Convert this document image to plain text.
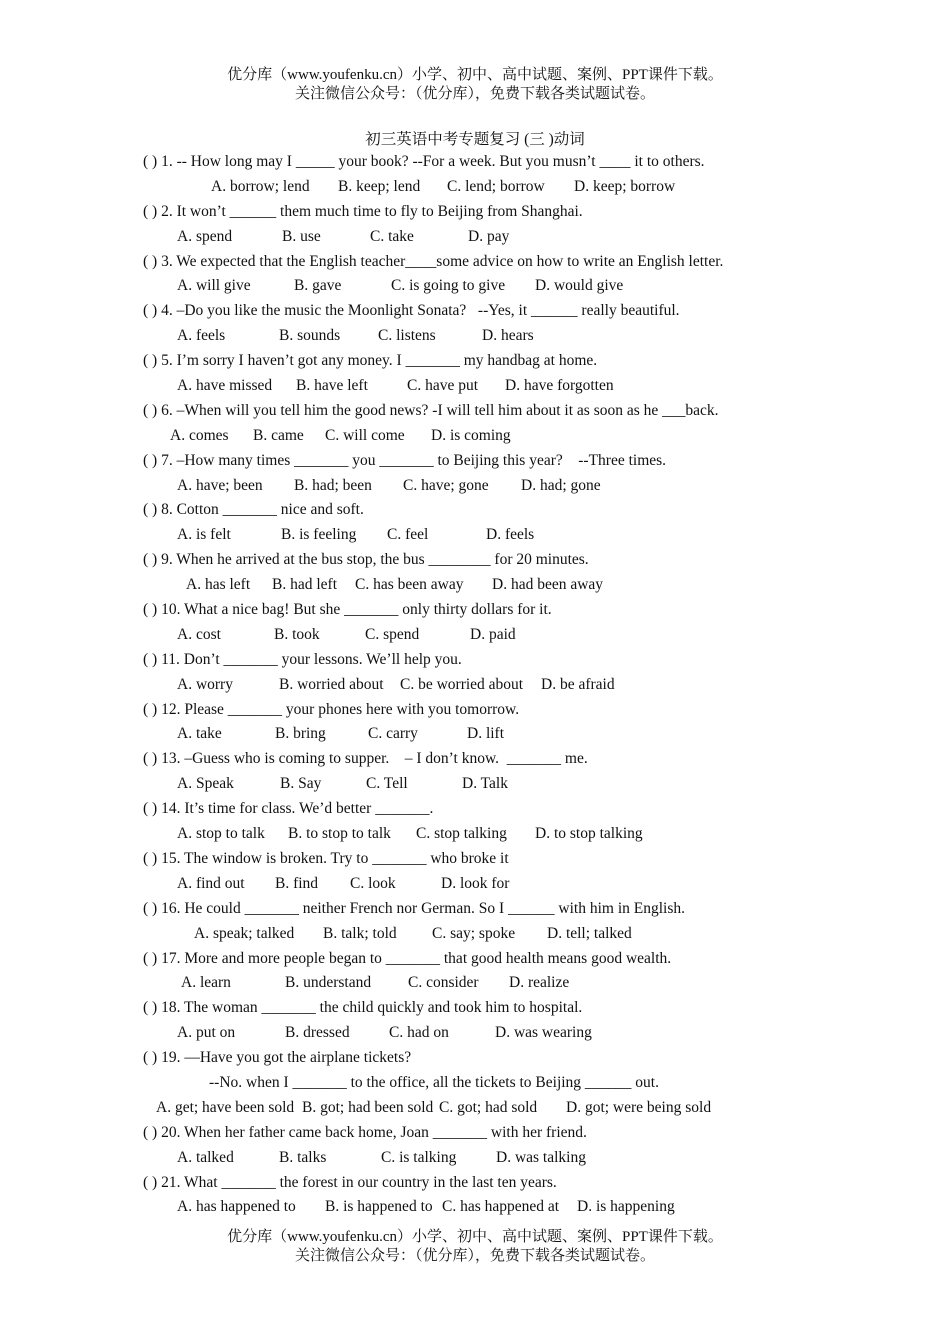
优分库（www.youfenku.cn）小学、初中、高中试题、案例、PPT课件下载。
关注微信公众号：（优分库），免费下载各类试题试卷。
初三英语中考专题复习 (三 )动词
( ) 1. -- How long may I _____ your book? --For a week. But you musn’t ____ it to others.
A. borrow; lend B. keep; lend C. lend; borrow D. keep; borrow
( ) 2. It won’t ______ them much time to fly to Beijing from Shanghai.
A. spend	B. use	C. take	D. pay
( ) 3. We expected that the English teacher____some advice on how to write an English letter.
A. will give	B. gave	C. is going to give D. would give
( ) 4. –Do you like the music the Moonlight Sonata?   --Yes, it ______ really beautiful.
A. feels	B. sounds C. listens	D. hears
( ) 5. I’m sorry I haven’t got any money. I _______ my handbag at home.
A. have missed B. have left	C. have put D. have forgotten
( ) 6. –When will you tell him the good news? -I will tell him about it as soon as he ___back.
A. comes B. came C. will come D. is coming
( ) 7. –How many times _______ you _______ to Beijing this year?    --Three times.
A. have; been B. had; been C. have; gone D. had; gone
( ) 8. Cotton _______ nice and soft.
A. is felt	B. is feeling C. feel	D. feels
( ) 9. When he arrived at the bus stop, the bus ________ for 20 minutes.
A. has left B. had left C. has been away D. had been away
( ) 10. What a nice bag! But she _______ only thirty dollars for it.
A. cost	B. took	C. spend	D. paid
( ) 11. Don’t _______ your lessons. We’ll help you.
A. worry	B. worried about C. be worried about D. be afraid
( ) 12. Please _______ your phones here with you tomorrow.
A. take	B. bring	C. carry	D. lift
( ) 13. –Guess who is coming to supper.    – I don’t know.  _______ me.
A. Speak	B. Say	C. Tell	D. Talk
( ) 14. It’s time for class. We’d better _______.
A. stop to talk B. to stop to talk C. stop talking D. to stop talking
( ) 15. The window is broken. Try to _______ who broke it
A. find out B. find C. look	D. look for
( ) 16. He could _______ neither French nor German. So I ______ with him in English.
A. speak; talked B. talk; told C. say; spoke D. tell; talked
( ) 17. More and more people began to _______ that good health means good wealth.
A. learn	B. understand C. consider D. realize
( ) 18. The woman _______ the child quickly and took him to hospital.
A. put on	B. dressed	C. had on	D. was wearing
( ) 19. —Have you got the airplane tickets?
--No. when I _______ to the office, all the tickets to Beijing ______ out.
A. get; have been sold B. got; had been sold C. got; had sold D. got; were being sold
( ) 20. When her father came back home, Joan _______ with her friend.
A. talked	B. talks	C. is talking	D. was talking
( ) 21. What _______ the forest in our country in the last ten years.
A. has happened to B. is happened to C. has happened at D. is happening
优分库（www.youfenku.cn）小学、初中、高中试题、案例、PPT课件下载。
关注微信公众号：（优分库），免费下载各类试题试卷。
